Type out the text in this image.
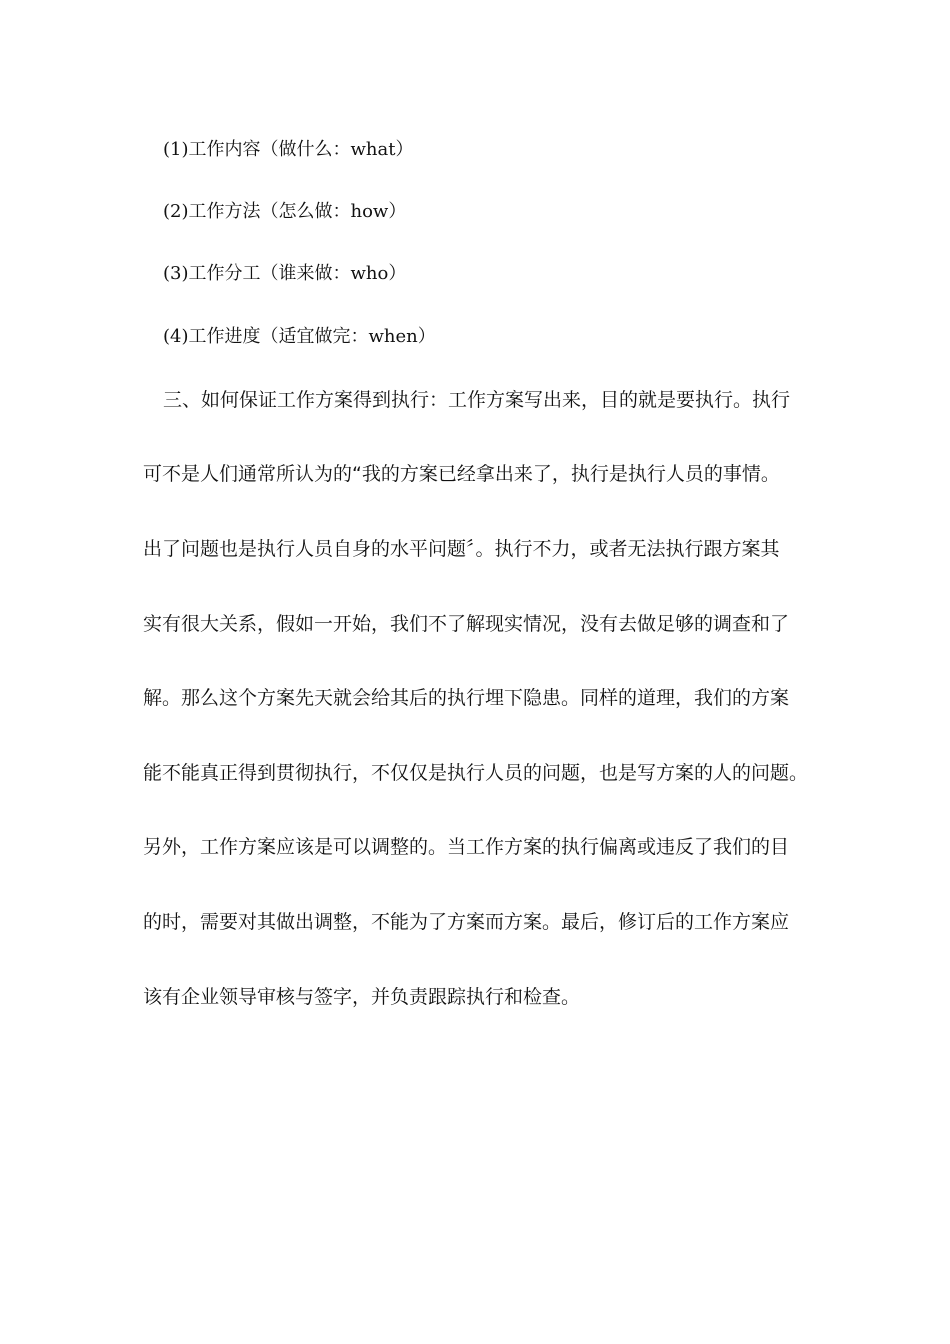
(1)工作内容（做什么：what）
(2)工作方法（怎么做：how）
(3)工作分工（谁来做：who）
(4)工作进度（适宜做完：when）
三、如何保证工作方案得到执行：工作方案写出来，目的就是要执行。执行
可不是人们通常所认为的“我的方案已经拿出来了，执行是执行人员的事情。
出了问题也是执行人员自身的水平问题〞。执行不力，或者无法执行跟方案其
实有很大关系，假如一开始，我们不了解现实情况，没有去做足够的调查和了
解。那么这个方案先天就会给其后的执行埋下隐患。同样的道理，我们的方案
能不能真正得到贯彻执行，不仅仅是执行人员的问题，也是写方案的人的问题。
另外，工作方案应该是可以调整的。当工作方案的执行偏离或违反了我们的目
的时，需要对其做出调整，不能为了方案而方案。最后，修订后的工作方案应
该有企业领导审核与签字，并负责跟踪执行和检查。
